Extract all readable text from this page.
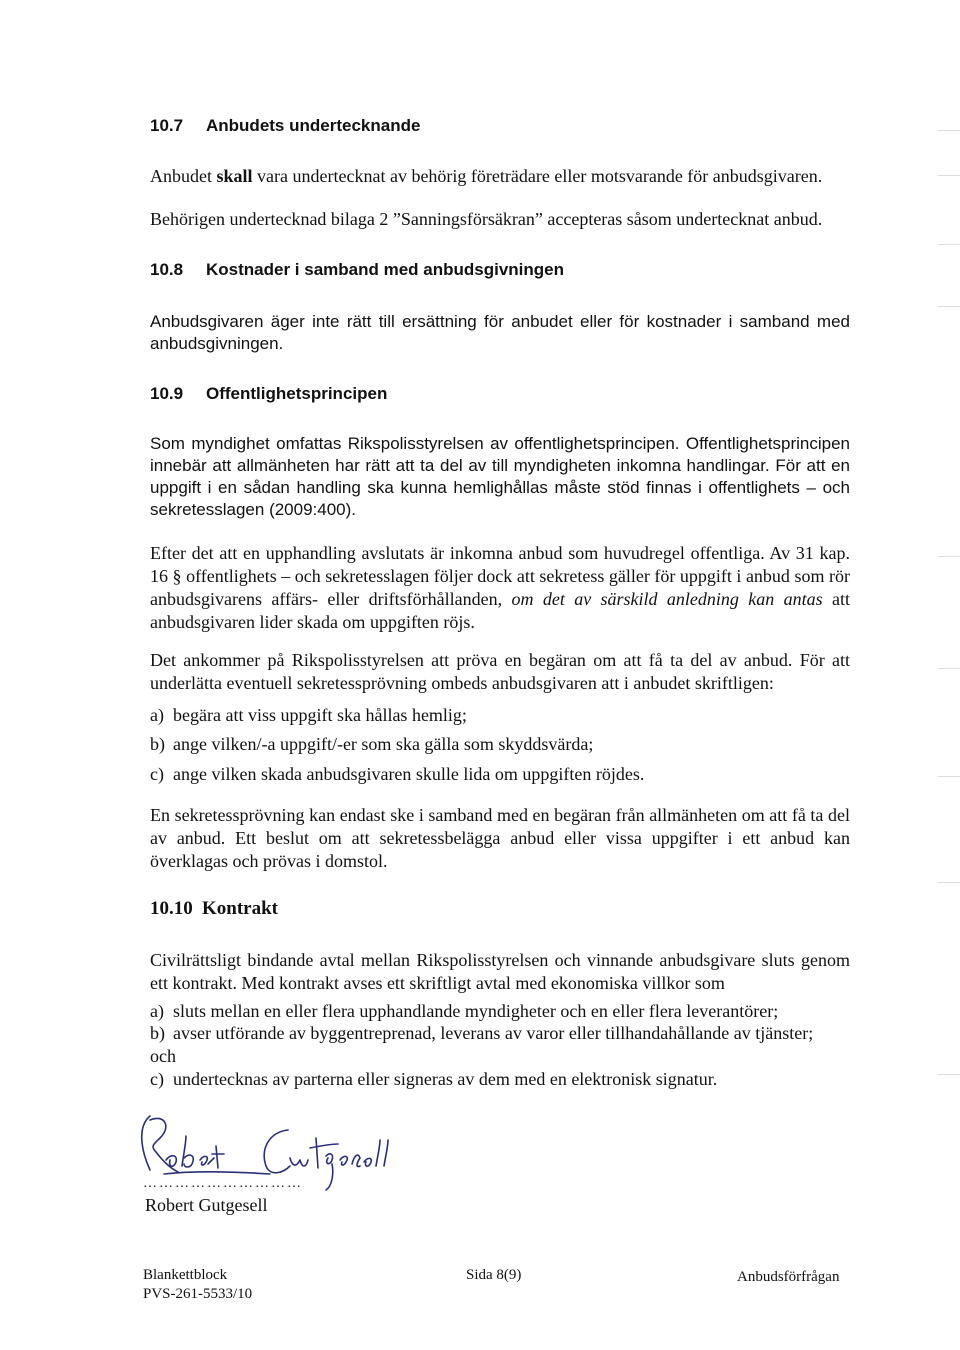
10.7 Anbudets undertecknande

Anbudet skall vara undertecknat av behörig företrädare eller motsvarande för anbudsgivaren.

Behörigen undertecknad bilaga 2 ”Sanningsförsäkran” accepteras såsom undertecknat anbud.

10.8 Kostnader i samband med anbudsgivningen

Anbudsgivaren äger inte rätt till ersättning för anbudet eller för kostnader i samband med anbudsgivningen.

10.9 Offentlighetsprincipen

Som myndighet omfattas Rikspolisstyrelsen av offentlighetsprincipen. Offentlighetsprincipen innebär att allmänheten har rätt att ta del av till myndigheten inkomna handlingar. För att en uppgift i en sådan handling ska kunna hemlighållas måste stöd finnas i offentlighets – och sekretesslagen (2009:400).

Efter det att en upphandling avslutats är inkomna anbud som huvudregel offentliga. Av 31 kap. 16 § offentlighets – och sekretesslagen följer dock att sekretess gäller för uppgift i anbud som rör anbudsgivarens affärs- eller driftsförhållanden, om det av särskild anledning kan antas att anbudsgivaren lider skada om uppgiften röjs.

Det ankommer på Rikspolisstyrelsen att pröva en begäran om att få ta del av anbud. För att underlätta eventuell sekretessprövning ombeds anbudsgivaren att i anbudet skriftligen:

a) begära att viss uppgift ska hållas hemlig;

b) ange vilken/-a uppgift/-er som ska gälla som skyddsvärda;

c) ange vilken skada anbudsgivaren skulle lida om uppgiften röjdes.

En sekretessprövning kan endast ske i samband med en begäran från allmänheten om att få ta del av anbud. Ett beslut om att sekretessbelägga anbud eller vissa uppgifter i ett anbud kan överklagas och prövas i domstol.

10.10 Kontrakt

Civilrättsligt bindande avtal mellan Rikspolisstyrelsen och vinnande anbudsgivare sluts genom ett kontrakt. Med kontrakt avses ett skriftligt avtal med ekonomiska villkor som

a) sluts mellan en eller flera upphandlande myndigheter och en eller flera leverantörer;

b) avser utförande av byggentreprenad, leverans av varor eller tillhandahållande av tjänster;

och

c) undertecknas av parterna eller signeras av dem med en elektronisk signatur.

…………………………
Robert Gutgesell
Blankettblock
PVS-261-5533/10
Sida 8(9)	Anbudsförfrågan
